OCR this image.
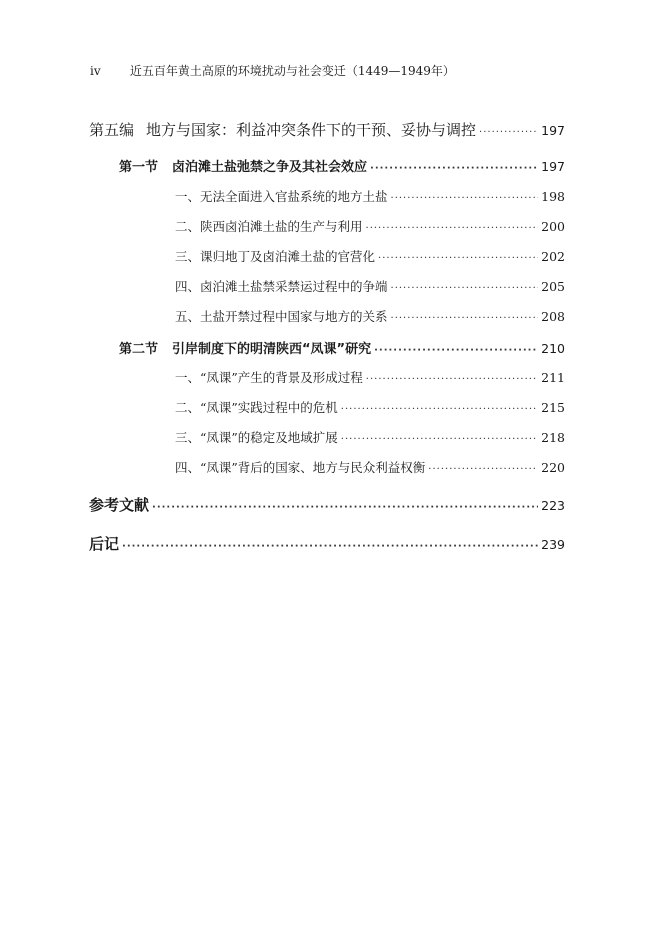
iv 近五百年黄土高原的环境扰动与社会变迁（1449—1949年）
第五编 地方与国家：利益冲突条件下的干预、妥协与调控 ·····	197
第一节 卤泊滩土盐弛禁之争及其社会效应 ·····	197
一、无法全面进入官盐系统的地方土盐 ·····	198
二、陕西卤泊滩土盐的生产与利用 ·····	200
三、课归地丁及卤泊滩土盐的官营化 ·····	202
四、卤泊滩土盐禁采禁运过程中的争端 ·····	205
五、土盐开禁过程中国家与地方的关系 ·····	208
第二节 引岸制度下的明清陕西“凤课”研究 ·····	210
一、“凤课”产生的背景及形成过程 ·····	211
二、“凤课”实践过程中的危机 ·····	215
三、“凤课”的稳定及地域扩展 ·····	218
四、“凤课”背后的国家、地方与民众利益权衡 ·····	220
参考文献 ·····	223
后记 ·····	239
